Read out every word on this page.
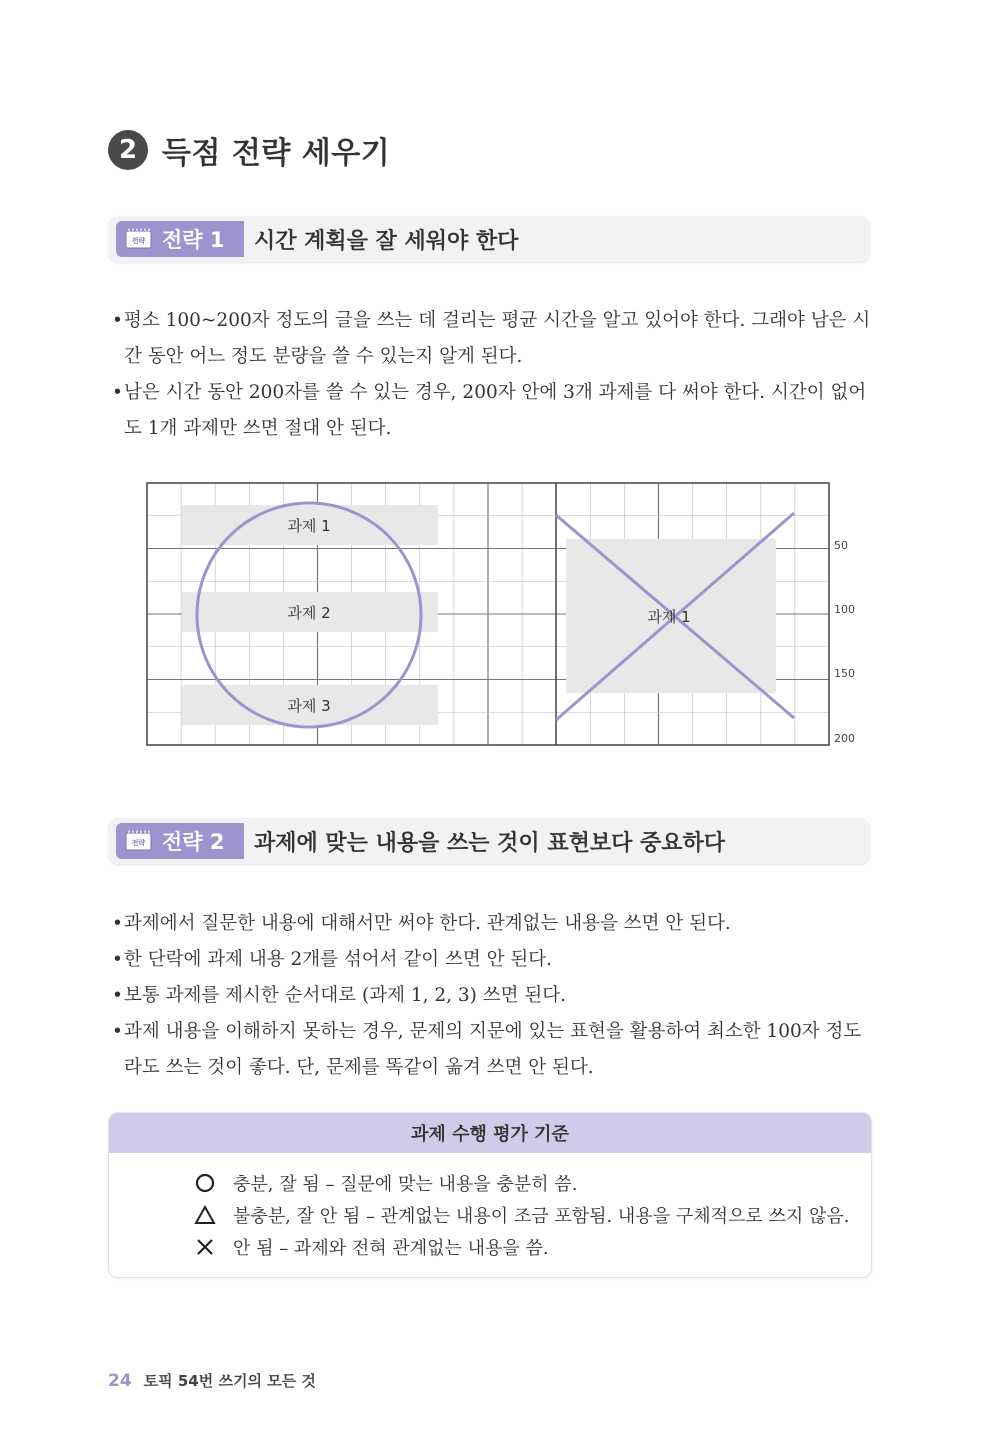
2 득점 전략 세우기
전략 전략 1 시간 계획을 잘 세워야 한다
• 평소 100~200자 정도의 글을 쓰는 데 걸리는 평균 시간을 알고 있어야 한다. 그래야 남은 시
간 동안 어느 정도 분량을 쓸 수 있는지 알게 된다.
• 남은 시간 동안 200자를 쓸 수 있는 경우, 200자 안에 3개 과제를 다 써야 한다. 시간이 없어
도 1개 과제만 쓰면 절대 안 된다.
과제 1
과제 2
과제 3
과제 1
50
100
150
200
전략 전략 2 과제에 맞는 내용을 쓰는 것이 표현보다 중요하다
• 과제에서 질문한 내용에 대해서만 써야 한다. 관계없는 내용을 쓰면 안 된다.
• 한 단락에 과제 내용 2개를 섞어서 같이 쓰면 안 된다.
• 보통 과제를 제시한 순서대로 (과제 1, 2, 3) 쓰면 된다.
• 과제 내용을 이해하지 못하는 경우, 문제의 지문에 있는 표현을 활용하여 최소한 100자 정도
라도 쓰는 것이 좋다. 단, 문제를 똑같이 옮겨 쓰면 안 된다.
과제 수행 평가 기준
충분, 잘 됨 – 질문에 맞는 내용을 충분히 씀.
불충분, 잘 안 됨 – 관계없는 내용이 조금 포함됨. 내용을 구체적으로 쓰지 않음.
안 됨 – 과제와 전혀 관계없는 내용을 씀.
24 토픽 54번 쓰기의 모든 것
